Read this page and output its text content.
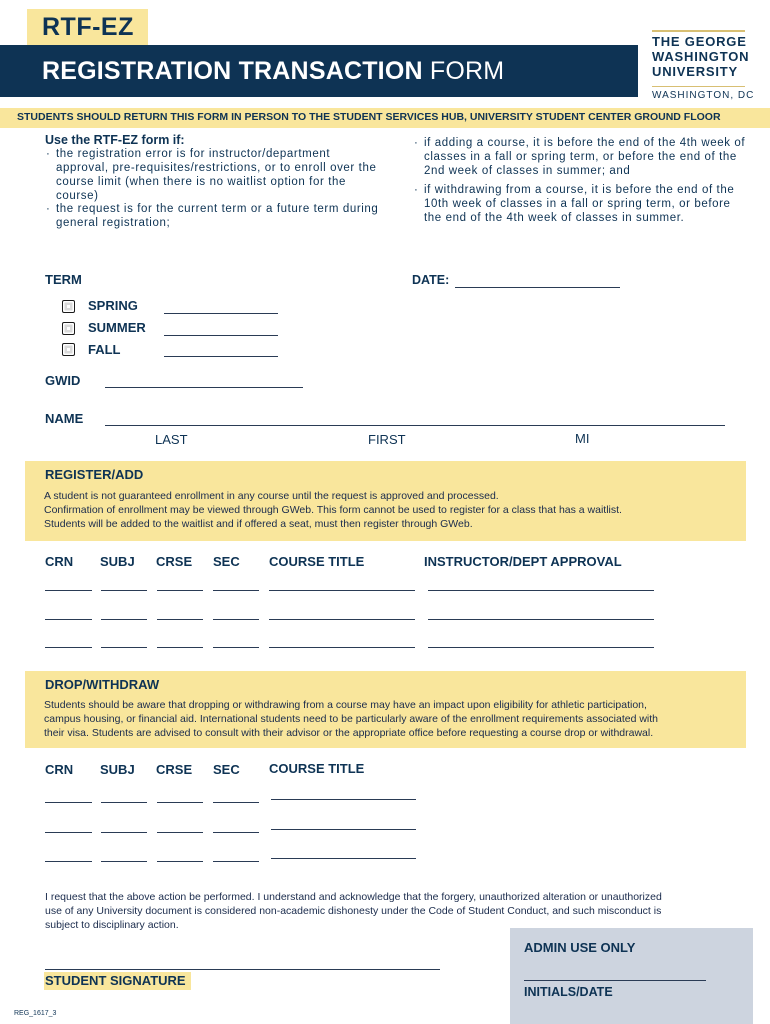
RTF-EZ
REGISTRATION TRANSACTION FORM
THE GEORGE
WASHINGTON
UNIVERSITY
WASHINGTON, DC
STUDENTS SHOULD RETURN THIS FORM IN PERSON TO THE STUDENT SERVICES HUB, UNIVERSITY STUDENT CENTER GROUND FLOOR
Use the RTF-EZ form if:
· the registration error is for instructor/department approval, pre-requisites/restrictions, or to enroll over the course limit (when there is no waitlist option for the course)
· the request is for the current term or a future term during general registration;
· if adding a course, it is before the end of the 4th week of classes in a fall or spring term, or before the end of the 2nd week of classes in summer; and
· if withdrawing from a course, it is before the end of the 10th week of classes in a fall or spring term, or before the end of the 4th week of classes in summer.
TERM	DATE:
SPRING
SUMMER
FALL
GWID
NAME
LAST	FIRST	MI
REGISTER/ADD
A student is not guaranteed enrollment in any course until the request is approved and processed.
Confirmation of enrollment may be viewed through GWeb. This form cannot be used to register for a class that has a waitlist.
Students will be added to the waitlist and if offered a seat, must then register through GWeb.
CRN SUBJ CRSE SEC COURSE TITLE	INSTRUCTOR/DEPT APPROVAL
DROP/WITHDRAW
Students should be aware that dropping or withdrawing from a course may have an impact upon eligibility for athletic participation,
campus housing, or financial aid. International students need to be particularly aware of the enrollment requirements associated with
their visa. Students are advised to consult with their advisor or the appropriate office before requesting a course drop or withdrawal.
CRN SUBJ CRSE SEC COURSE TITLE
I request that the above action be performed. I understand and acknowledge that the forgery, unauthorized alteration or unauthorized
use of any University document is considered non-academic dishonesty under the Code of Student Conduct, and such misconduct is
subject to disciplinary action.
STUDENT SIGNATURE
ADMIN USE ONLY
INITIALS/DATE
REG_1617_3
